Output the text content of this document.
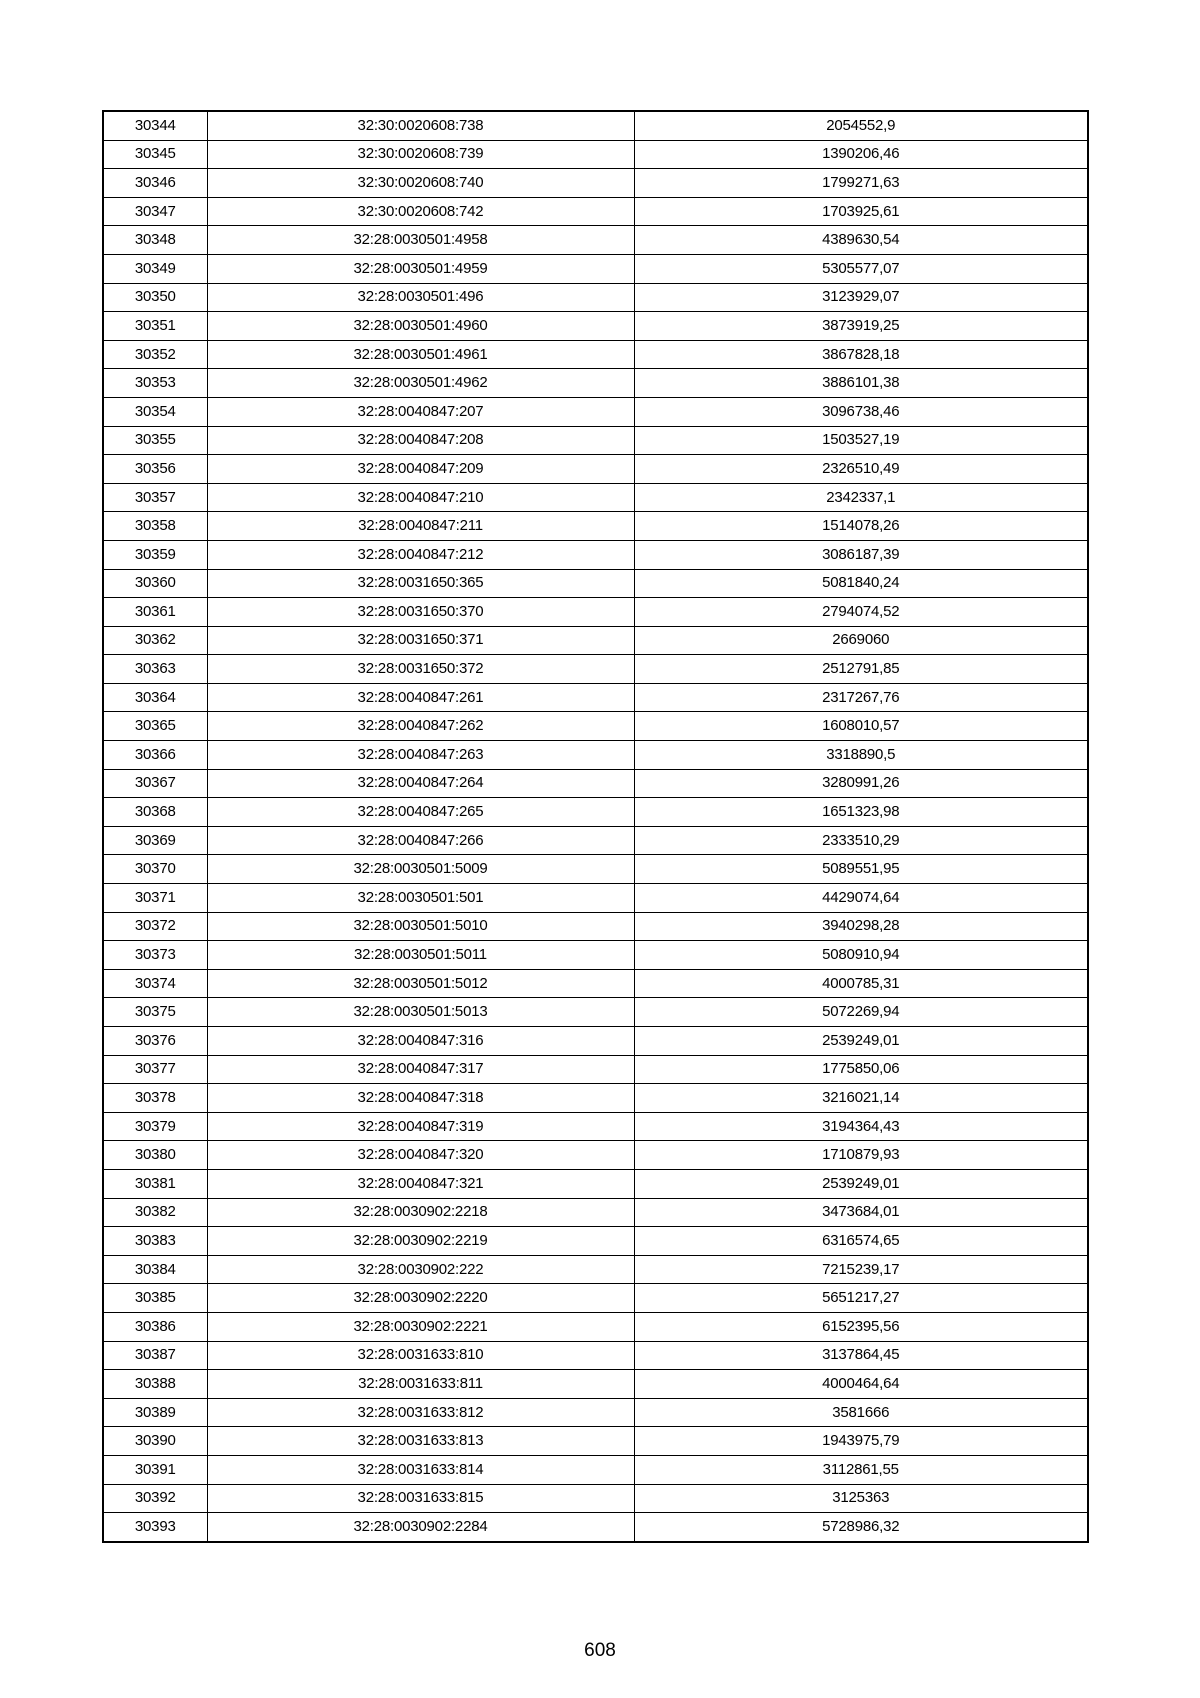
30344	32:30:0020608:738	2054552,9
30345	32:30:0020608:739	1390206,46
30346	32:30:0020608:740	1799271,63
30347	32:30:0020608:742	1703925,61
30348	32:28:0030501:4958	4389630,54
30349	32:28:0030501:4959	5305577,07
30350	32:28:0030501:496	3123929,07
30351	32:28:0030501:4960	3873919,25
30352	32:28:0030501:4961	3867828,18
30353	32:28:0030501:4962	3886101,38
30354	32:28:0040847:207	3096738,46
30355	32:28:0040847:208	1503527,19
30356	32:28:0040847:209	2326510,49
30357	32:28:0040847:210	2342337,1
30358	32:28:0040847:211	1514078,26
30359	32:28:0040847:212	3086187,39
30360	32:28:0031650:365	5081840,24
30361	32:28:0031650:370	2794074,52
30362	32:28:0031650:371	2669060
30363	32:28:0031650:372	2512791,85
30364	32:28:0040847:261	2317267,76
30365	32:28:0040847:262	1608010,57
30366	32:28:0040847:263	3318890,5
30367	32:28:0040847:264	3280991,26
30368	32:28:0040847:265	1651323,98
30369	32:28:0040847:266	2333510,29
30370	32:28:0030501:5009	5089551,95
30371	32:28:0030501:501	4429074,64
30372	32:28:0030501:5010	3940298,28
30373	32:28:0030501:5011	5080910,94
30374	32:28:0030501:5012	4000785,31
30375	32:28:0030501:5013	5072269,94
30376	32:28:0040847:316	2539249,01
30377	32:28:0040847:317	1775850,06
30378	32:28:0040847:318	3216021,14
30379	32:28:0040847:319	3194364,43
30380	32:28:0040847:320	1710879,93
30381	32:28:0040847:321	2539249,01
30382	32:28:0030902:2218	3473684,01
30383	32:28:0030902:2219	6316574,65
30384	32:28:0030902:222	7215239,17
30385	32:28:0030902:2220	5651217,27
30386	32:28:0030902:2221	6152395,56
30387	32:28:0031633:810	3137864,45
30388	32:28:0031633:811	4000464,64
30389	32:28:0031633:812	3581666
30390	32:28:0031633:813	1943975,79
30391	32:28:0031633:814	3112861,55
30392	32:28:0031633:815	3125363
30393	32:28:0030902:2284	5728986,32
608
